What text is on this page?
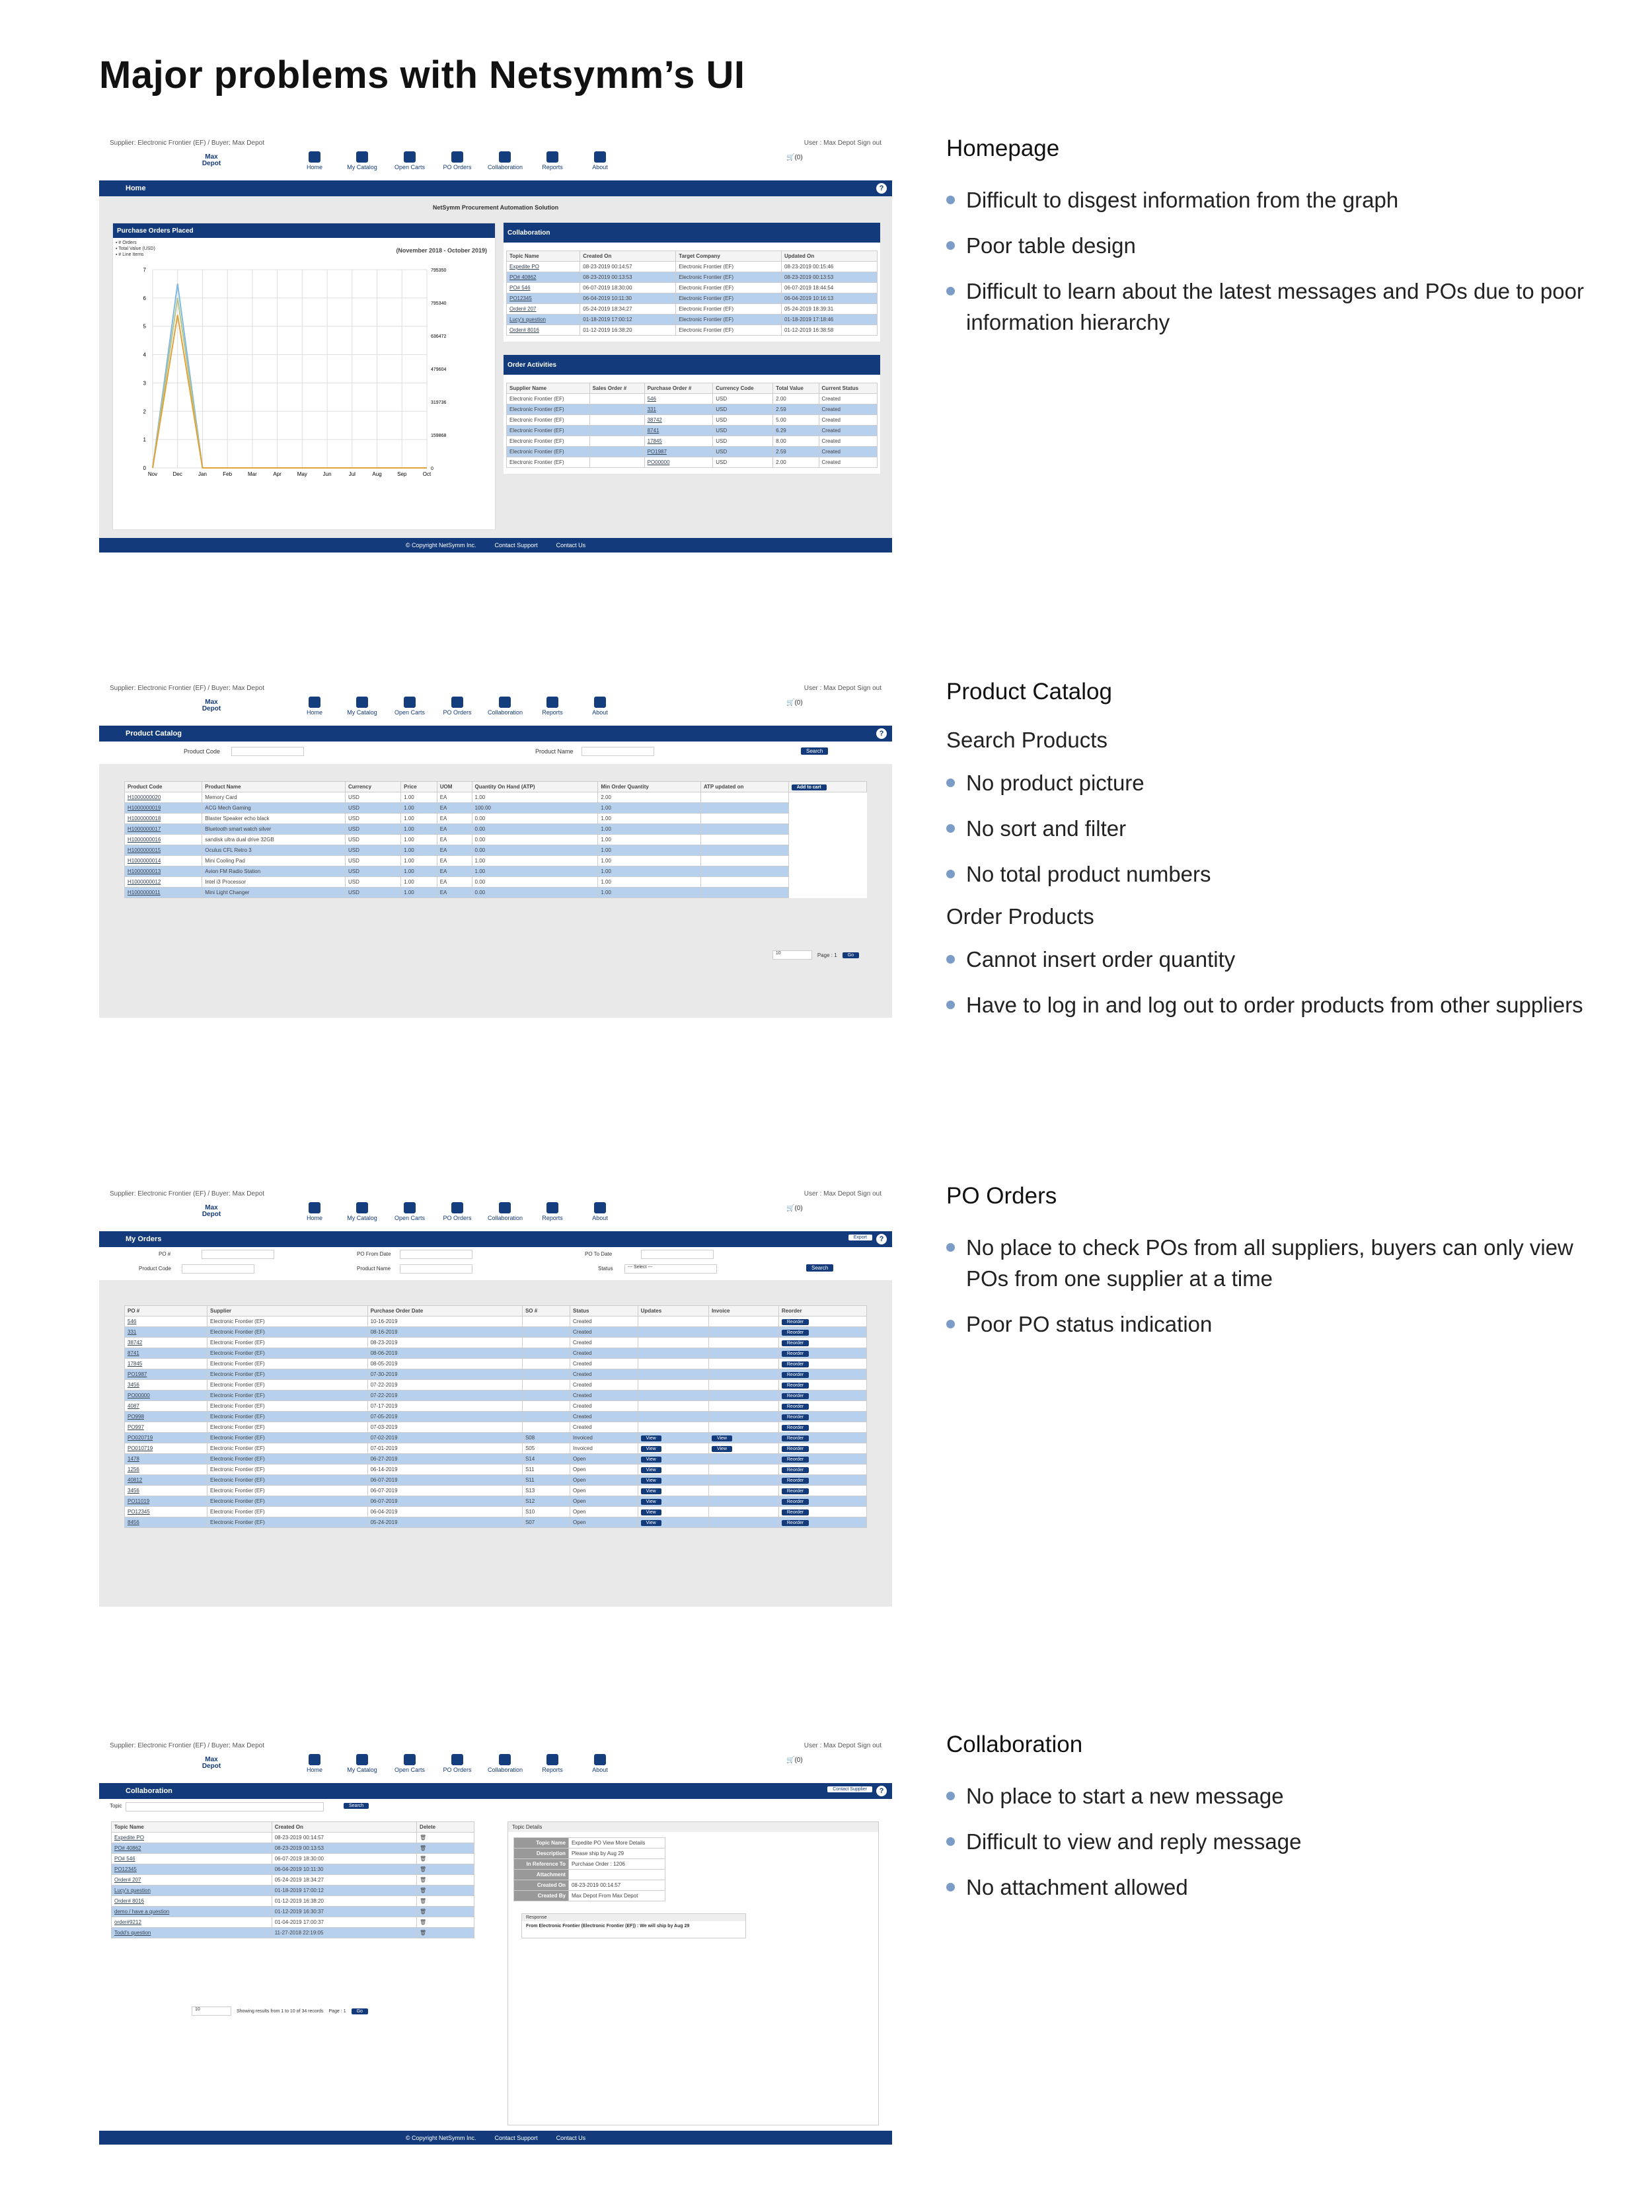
Major problems with Netsymm’s UI
Supplier: Electronic Frontier (EF) / Buyer: Max Depot	User : Max Depot Sign out
Max Depot	Home	My Catalog	Open Carts	PO Orders	Collaboration	Reports	About
🛒(0)
Home	?
NetSymm Procurement Automation Solution
Purchase Orders Placed
(November 2018 - October 2019)
▪ # Orders
▪ Total Value (USD)
▪ # Line Items
7
6
5
4
3
2
1
0
795350
795340
636472
479604
319736
159868
0
Nov	Dec	Jan	Feb	Mar	Apr	May	Jun	Jul	Aug	Sep	Oct
Collaboration
Topic Name	Created On	Target Company	Updated On
Expedite PO	08-23-2019 00:14:57	Electronic Frontier (EF)	08-23-2019 00:15:46
PO# 40862	08-23-2019 00:13:53	Electronic Frontier (EF)	08-23-2019 00:13:53
PO# 546	06-07-2019 18:30:00	Electronic Frontier (EF)	06-07-2019 18:44:54
PO12345	06-04-2019 10:11:30	Electronic Frontier (EF)	06-04-2019 10:16:13
Order# 207	05-24-2019 18:34:27	Electronic Frontier (EF)	05-24-2019 18:39:31
Lucy's question	01-18-2019 17:00:12	Electronic Frontier (EF)	01-18-2019 17:18:46
Order# 8016	01-12-2019 16:38:20	Electronic Frontier (EF)	01-12-2019 16:38:58
Order Activities
Supplier Name	Sales Order #	Purchase Order #	Currency Code	Total Value	Current Status
Electronic Frontier (EF)		546	USD	2.00	Created
Electronic Frontier (EF)		331	USD	2.59	Created
Electronic Frontier (EF)		38742	USD	5.00	Created
Electronic Frontier (EF)		8741	USD	6.29	Created
Electronic Frontier (EF)		17845	USD	8.00	Created
Electronic Frontier (EF)		PO1987	USD	2.59	Created
Electronic Frontier (EF)		PO00000	USD	2.00	Created
© Copyright NetSymm Inc.	Contact Support	Contact Us
Supplier: Electronic Frontier (EF) / Buyer: Max Depot	User : Max Depot Sign out
Max Depot	Home	My Catalog	Open Carts	PO Orders	Collaboration	Reports	About
🛒(0)
Product Catalog	?
Product Code	Product Name	Search
Product Code	Product Name	Currency	Price	UOM	Quantity On Hand (ATP)	Min Order Quantity	ATP updated on	Add to cart
H1000000020	Memory Card	USD	1.00	EA	1.00	2.00		
H1000000019	ACG Mech Gaming	USD	1.00	EA	100.00	1.00		
H1000000018	Blaster Speaker echo black	USD	1.00	EA	0.00	1.00		
H1000000017	Bluetooth smart watch silver	USD	1.00	EA	0.00	1.00		
H1000000016	sandisk ultra dual drive 32GB	USD	1.00	EA	0.00	1.00		
H1000000015	Oculus CFL Retro 3	USD	1.00	EA	0.00	1.00		
H1000000014	Mini Cooling Pad	USD	1.00	EA	1.00	1.00		
H1000000013	Avion FM Radio Station	USD	1.00	EA	1.00	1.00		
H1000000012	Intel i3 Processor	USD	1.00	EA	0.00	1.00		
H1000000011	Mini Light Changer	USD	1.00	EA	0.00	1.00		
10	Page : 1	Go
Supplier: Electronic Frontier (EF) / Buyer: Max Depot	User : Max Depot Sign out
Max Depot	Home	My Catalog	Open Carts	PO Orders	Collaboration	Reports	About
🛒(0)
My Orders	Export	?
PO #	PO From Date	PO To Date
Product Code	Product Name	Status	--- Select ---	Search
PO #	Supplier	Purchase Order Date	SO #	Status	Updates	Invoice	Reorder
546	Electronic Frontier (EF)	10-16-2019		Created			Reorder
331	Electronic Frontier (EF)	08-16-2019		Created			Reorder
38742	Electronic Frontier (EF)	08-23-2019		Created			Reorder
8741	Electronic Frontier (EF)	08-06-2019		Created			Reorder
17845	Electronic Frontier (EF)	08-05-2019		Created			Reorder
PO1987	Electronic Frontier (EF)	07-30-2019		Created			Reorder
3456	Electronic Frontier (EF)	07-22-2019		Created			Reorder
PO00000	Electronic Frontier (EF)	07-22-2019		Created			Reorder
4087	Electronic Frontier (EF)	07-17-2019		Created			Reorder
PO998	Electronic Frontier (EF)	07-05-2019		Created			Reorder
PO997	Electronic Frontier (EF)	07-03-2019		Created			Reorder
PO020719	Electronic Frontier (EF)	07-02-2019	S08	Invoiced	View	View	Reorder
PO010719	Electronic Frontier (EF)	07-01-2019	S05	Invoiced	View	View	Reorder
1478	Electronic Frontier (EF)	06-27-2019	S14	Open	View		Reorder
1256	Electronic Frontier (EF)	06-14-2019	S11	Open	View		Reorder
40812	Electronic Frontier (EF)	06-07-2019	S11	Open	View		Reorder
3456	Electronic Frontier (EF)	06-07-2019	S13	Open	View		Reorder
PO11019	Electronic Frontier (EF)	06-07-2019	S12	Open	View		Reorder
PO12345	Electronic Frontier (EF)	06-04-2019	S10	Open	View		Reorder
8456	Electronic Frontier (EF)	05-24-2019	S07	Open	View		Reorder
Supplier: Electronic Frontier (EF) / Buyer: Max Depot	User : Max Depot Sign out
Max Depot	Home	My Catalog	Open Carts	PO Orders	Collaboration	Reports	About
🛒(0)
Collaboration	Contact Supplier	?
Topic	Search
Topic Name	Created On	Delete
Expedite PO	08-23-2019 00:14:57	🗑
PO# 40862	08-23-2019 00:13:53	🗑
PO# 546	06-07-2019 18:30:00	🗑
PO12345	06-04-2019 10:11:30	🗑
Order# 207	05-24-2019 18:34:27	🗑
Lucy's question	01-18-2019 17:00:12	🗑
Order# 8016	01-12-2019 16:38:20	🗑
demo / have a question	01-12-2019 16:30:37	🗑
order#9212	01-04-2019 17:00:37	🗑
Todd's question	11-27-2018 22:19:05	🗑
10	Showing results from 1 to 10 of 34 records Page : 1	Go
Topic Details
Topic Name	Expedite PO View More Details
Description	Please ship by Aug 29
In Reference To	Purchase Order : 1206
Attachment	
Created On	08-23-2019 00:14:57
Created By	Max Depot From Max Depot
Response
From Electronic Frontier (Electronic Frontier (EF)) : We will ship by Aug 29
© Copyright NetSymm Inc.	Contact Support	Contact Us
Homepage
Difficult to disgest information from the graph
Poor table design
Difficult to learn about the latest messages and POs due to poor information hierarchy
Product Catalog
Search Products
No product picture
No sort and filter
No total product numbers
Order Products
Cannot insert order quantity
Have to log in and log out to order products from other suppliers
PO Orders
No place to check POs from all suppliers, buyers can only view POs from one supplier at a time
Poor PO status indication
Collaboration
No place to start a new message
Difficult to view and reply message
No attachment allowed
